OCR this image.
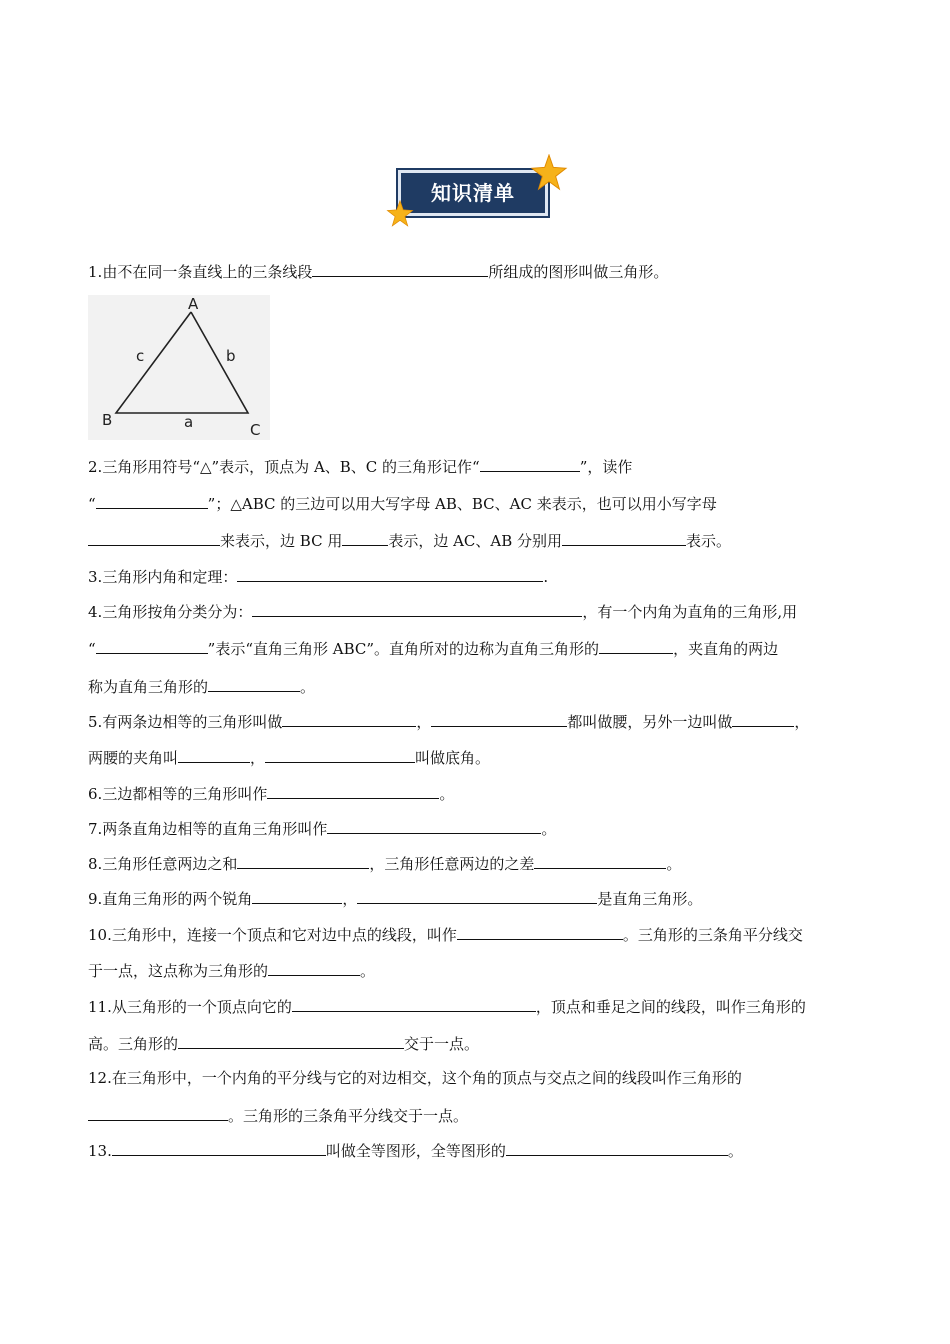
知识清单
1.由不在同一条直线上的三条线段	所组成的图形叫做三角形。
A
B
C
a
b
c
2.三角形用符号“△”表示，顶点为 A、B、C 的三角形记作“	”，读作
“	”；△ABC 的三边可以用大写字母 AB、BC、AC 来表示，也可以用小写字母
来表示，边 BC 用	表示，边 AC、AB 分别用	表示。
3.三角形内角和定理：	.
4.三角形按角分类分为：	，有一个内角为直角的三角形,用
“	”表示“直角三角形 ABC”。直角所对的边称为直角三角形的	，夹直角的两边
称为直角三角形的	。
5.有两条边相等的三角形叫做	，	都叫做腰，另外一边叫做	，
两腰的夹角叫	，	叫做底角。
6.三边都相等的三角形叫作	。
7.两条直角边相等的直角三角形叫作	。
8.三角形任意两边之和	，三角形任意两边的之差	。
9.直角三角形的两个锐角	，	是直角三角形。
10.三角形中，连接一个顶点和它对边中点的线段，叫作	。三角形的三条角平分线交
于一点，这点称为三角形的	。
11.从三角形的一个顶点向它的	，顶点和垂足之间的线段，叫作三角形的
高。三角形的	交于一点。
12.在三角形中，一个内角的平分线与它的对边相交，这个角的顶点与交点之间的线段叫作三角形的
。三角形的三条角平分线交于一点。
13.	叫做全等图形，全等图形的	。
